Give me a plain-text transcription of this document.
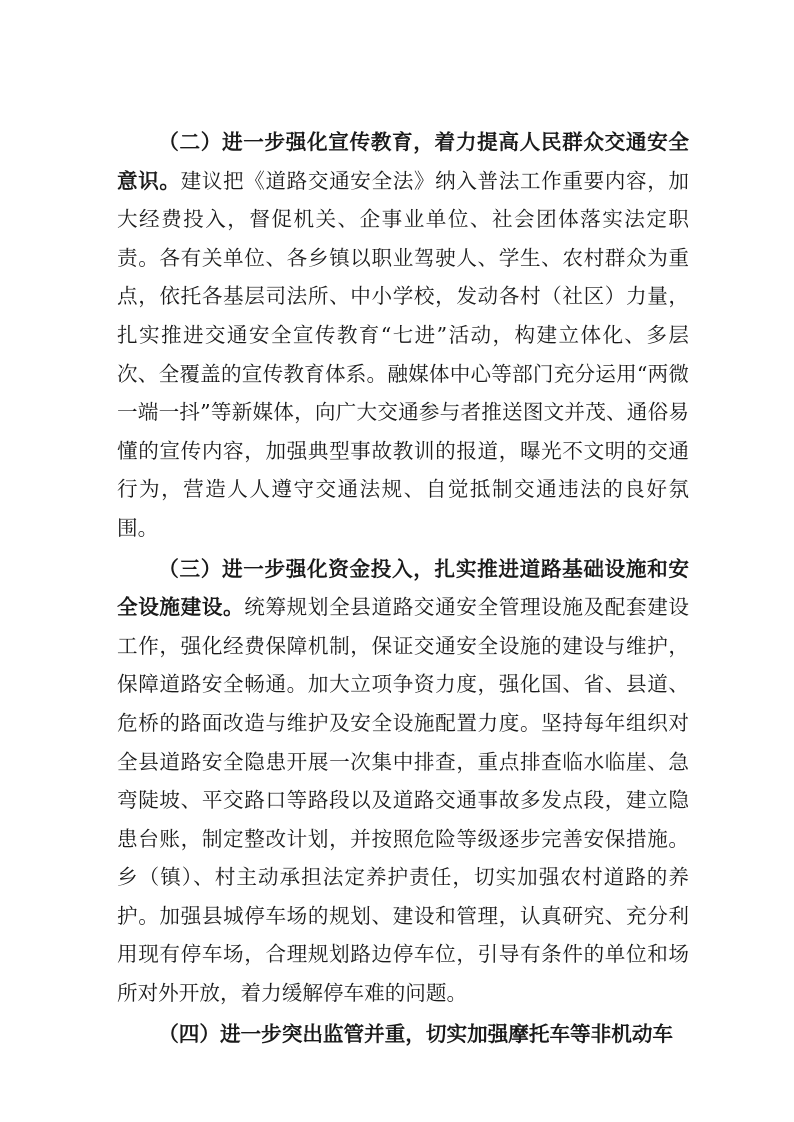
（二）进一步强化宣传教育，着力提高人民群众交通安全意识。建议把《道路交通安全法》纳入普法工作重要内容，加大经费投入，督促机关、企事业单位、社会团体落实法定职责。各有关单位、各乡镇以职业驾驶人、学生、农村群众为重点，依托各基层司法所、中小学校，发动各村（社区）力量，扎实推进交通安全宣传教育“七进”活动，构建立体化、多层次、全覆盖的宣传教育体系。融媒体中心等部门充分运用“两微一端一抖”等新媒体，向广大交通参与者推送图文并茂、通俗易懂的宣传内容，加强典型事故教训的报道，曝光不文明的交通行为，营造人人遵守交通法规、自觉抵制交通违法的良好氛围。

（三）进一步强化资金投入，扎实推进道路基础设施和安全设施建设。统筹规划全县道路交通安全管理设施及配套建设工作，强化经费保障机制，保证交通安全设施的建设与维护，保障道路安全畅通。加大立项争资力度，强化国、省、县道、危桥的路面改造与维护及安全设施配置力度。坚持每年组织对全县道路安全隐患开展一次集中排查，重点排查临水临崖、急弯陡坡、平交路口等路段以及道路交通事故多发点段，建立隐患台账，制定整改计划，并按照危险等级逐步完善安保措施。乡（镇）、村主动承担法定养护责任，切实加强农村道路的养护。加强县城停车场的规划、建设和管理，认真研究、充分利用现有停车场，合理规划路边停车位，引导有条件的单位和场所对外开放，着力缓解停车难的问题。

（四）进一步突出监管并重，切实加强摩托车等非机动车
